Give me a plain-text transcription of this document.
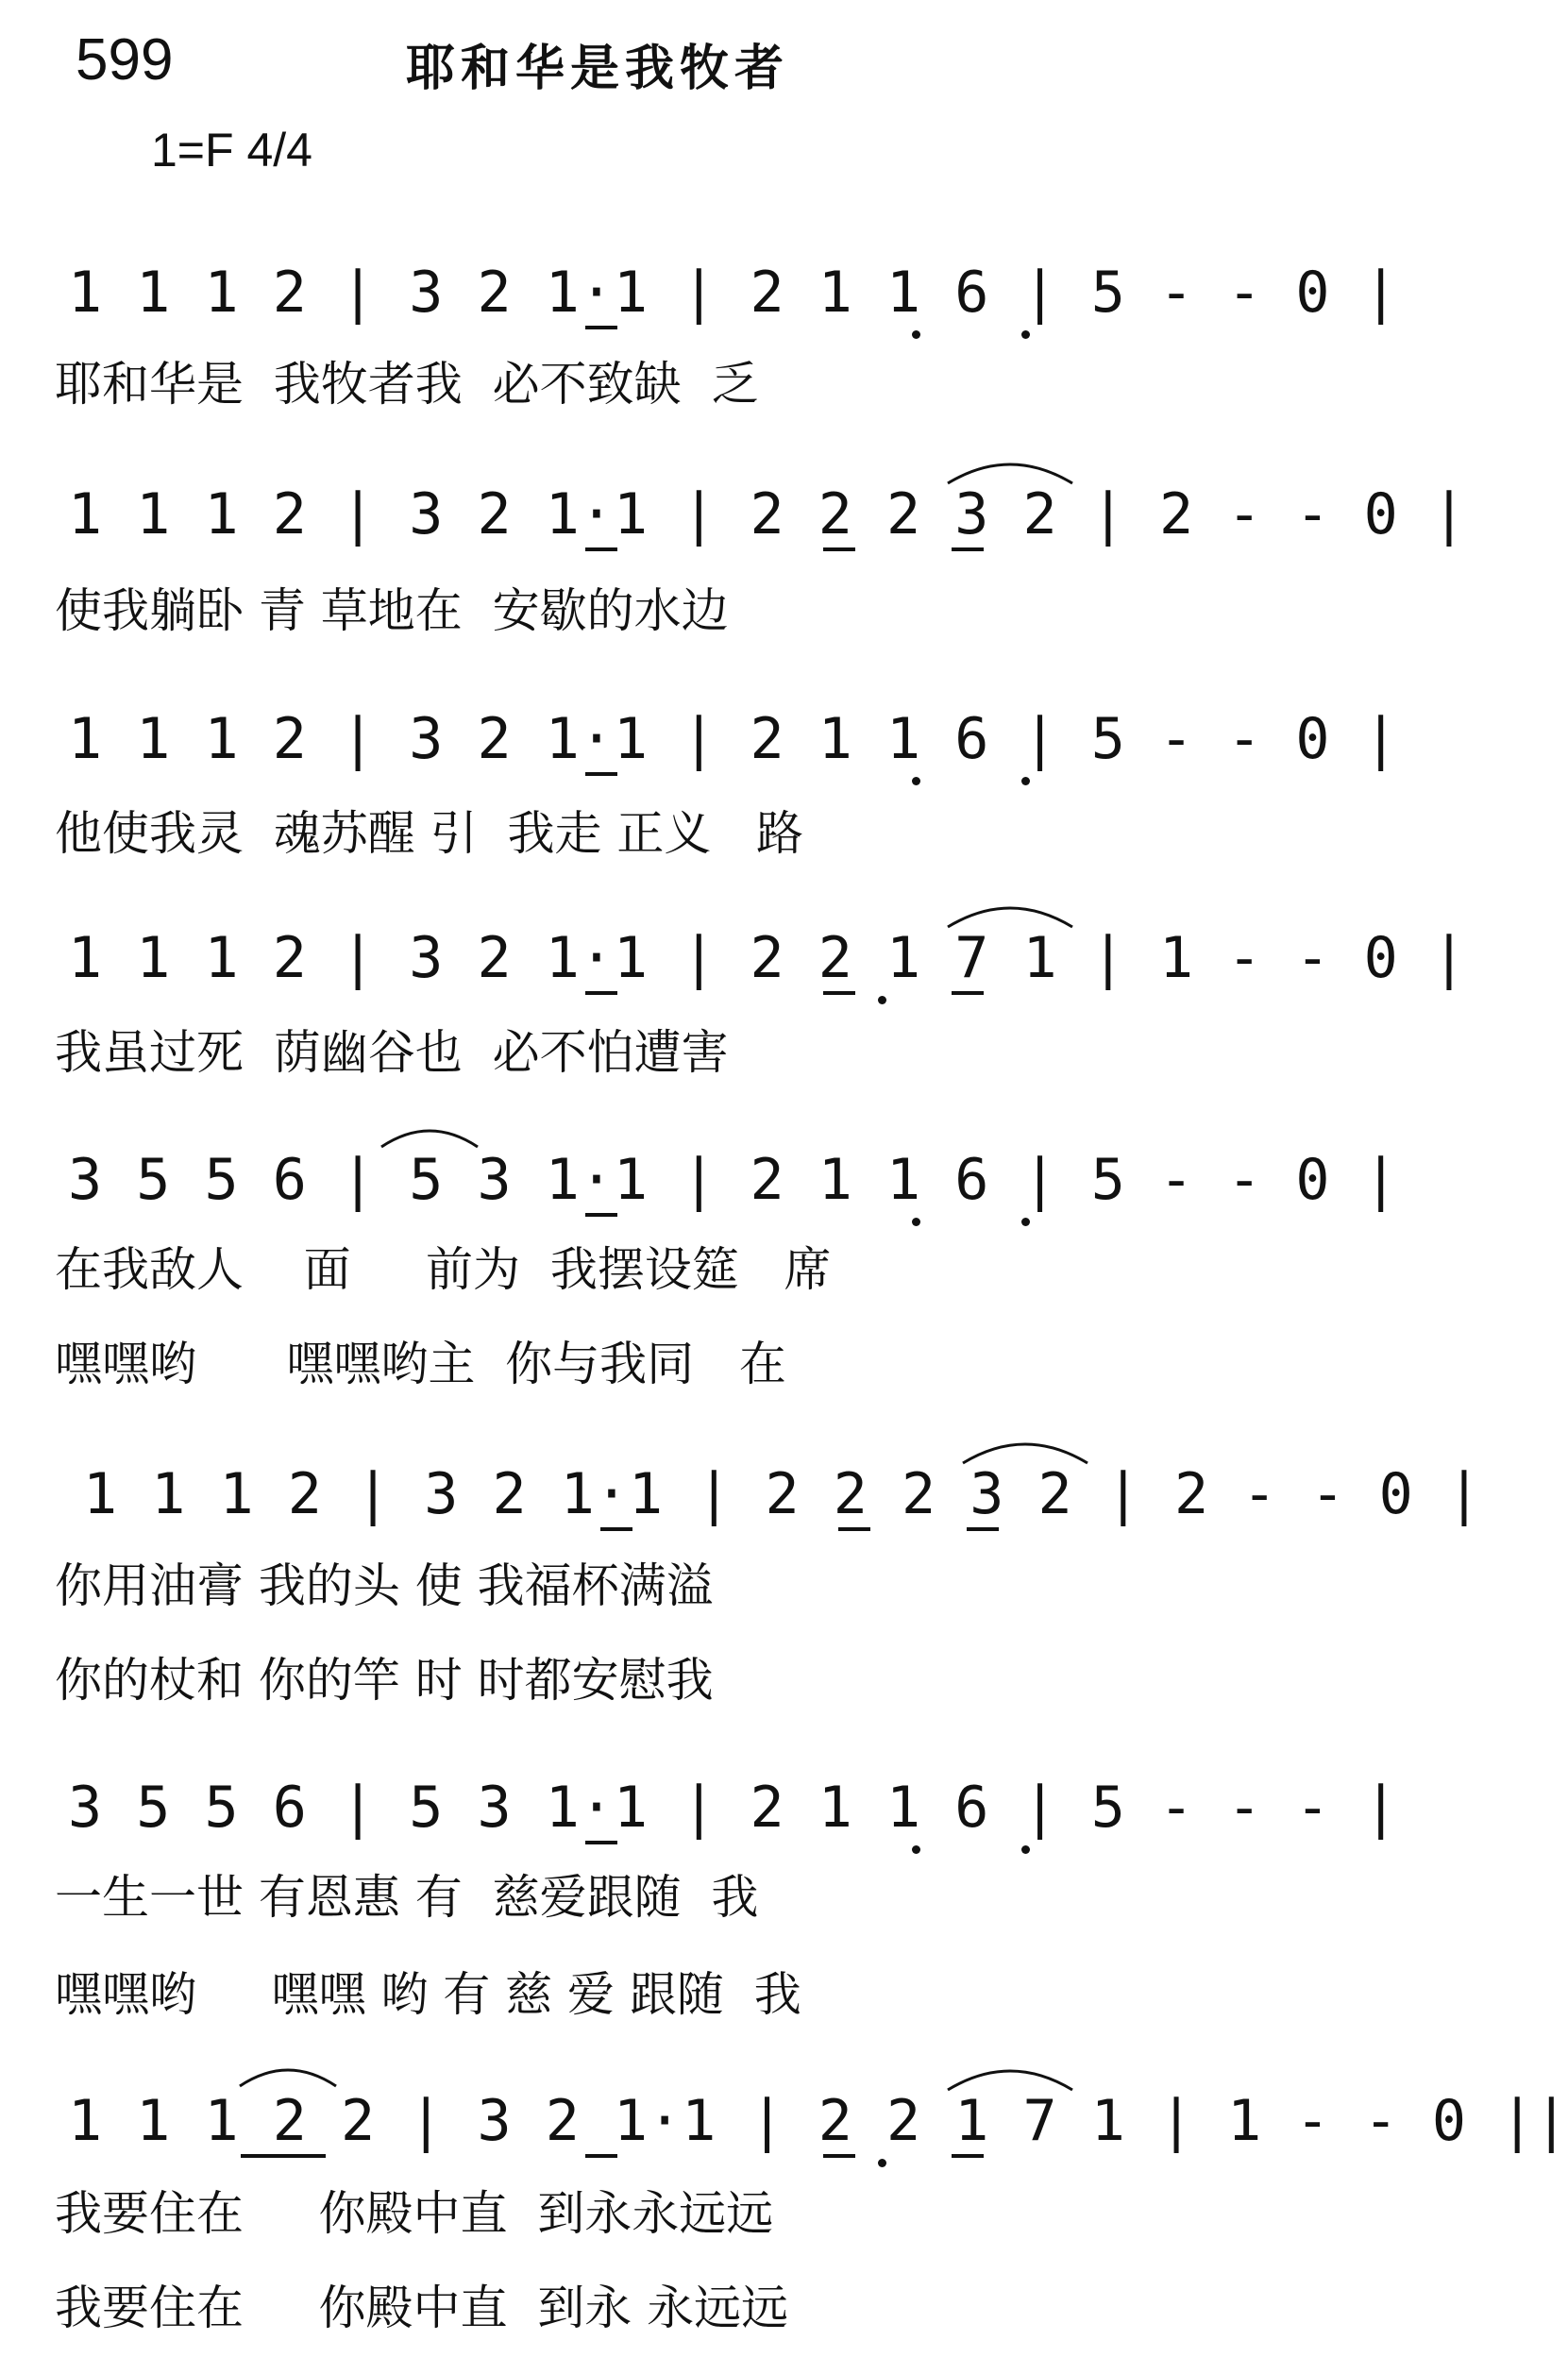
599	耶和华是我牧者
1=F 4/4
1 1 1 2 | 3 2 1·1 | 2 1 1 6 | 5 - - 0 |
耶和华是  我牧者我  必不致缺  乏
1 1 1 2 | 3 2 1·1 | 2 2 2 3 2 | 2 - - 0 |
使我躺卧 青 草地在  安歇的水边
1 1 1 2 | 3 2 1·1 | 2 1 1 6 | 5 - - 0 |
他使我灵  魂苏醒 引  我走 正义   路
1 1 1 2 | 3 2 1·1 | 2 2 1 7 1 | 1 - - 0 |
我虽过死  荫幽谷也  必不怕遭害
3 5 5 6 | 5 3 1·1 | 2 1 1 6 | 5 - - 0 |
在我敌人    面     前为  我摆设筵   席
嘿嘿哟      嘿嘿哟主  你与我同   在
1 1 1 2 | 3 2 1·1 | 2 2 2 3 2 | 2 - - 0 |
你用油膏 我的头 使 我福杯满溢
你的杖和 你的竿 时 时都安慰我
3 5 5 6 | 5 3 1·1 | 2 1 1 6 | 5 - - - |
一生一世 有恩惠 有  慈爱跟随  我
嘿嘿哟     嘿嘿 哟 有 慈 爱 跟随  我
1 1 1 2 2 | 3 2 1·1 | 2 2 1 7 1 | 1 - - 0 ||
我要住在     你殿中直  到永永远远
我要住在     你殿中直  到永 永远远
